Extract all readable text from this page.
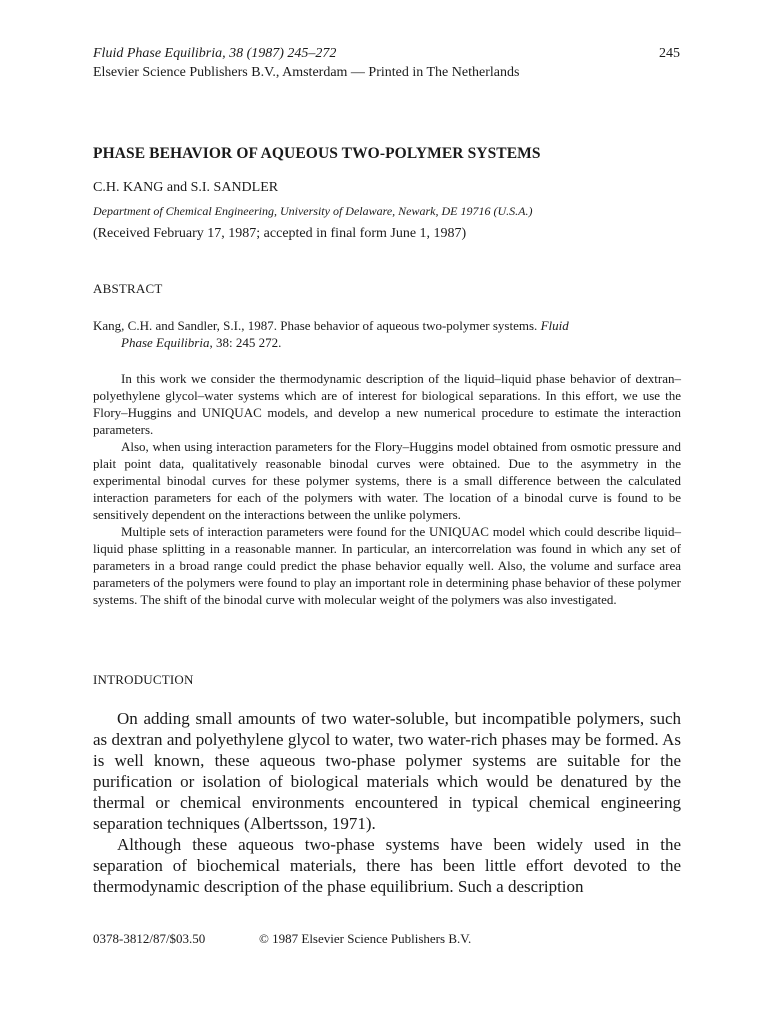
Fluid Phase Equilibria, 38 (1987) 245–272
Elsevier Science Publishers B.V., Amsterdam — Printed in The Netherlands
245
PHASE BEHAVIOR OF AQUEOUS TWO-POLYMER SYSTEMS
C.H. KANG and S.I. SANDLER
Department of Chemical Engineering, University of Delaware, Newark, DE 19716 (U.S.A.)
(Received February 17, 1987; accepted in final form June 1, 1987)
ABSTRACT
Kang, C.H. and Sandler, S.I., 1987. Phase behavior of aqueous two-polymer systems. Fluid
Phase Equilibria, 38: 245 272.

In this work we consider the thermodynamic description of the liquid–liquid phase behavior of dextran–polyethylene glycol–water systems which are of interest for biological separations. In this effort, we use the Flory–Huggins and UNIQUAC models, and develop a new numerical procedure to estimate the interaction parameters.

Also, when using interaction parameters for the Flory–Huggins model obtained from osmotic pressure and plait point data, qualitatively reasonable binodal curves were obtained. Due to the asymmetry in the experimental binodal curves for these polymer systems, there is a small difference between the calculated interaction parameters for each of the polymers with water. The location of a binodal curve is found to be sensitively dependent on the interactions between the unlike polymers.

Multiple sets of interaction parameters were found for the UNIQUAC model which could describe liquid–liquid phase splitting in a reasonable manner. In particular, an intercorrelation was found in which any set of parameters in a broad range could predict the phase behavior equally well. Also, the volume and surface area parameters of the polymers were found to play an important role in determining phase behavior of these polymer systems. The shift of the binodal curve with molecular weight of the polymers was also investigated.

INTRODUCTION

On adding small amounts of two water-soluble, but incompatible polymers, such as dextran and polyethylene glycol to water, two water-rich phases may be formed. As is well known, these aqueous two-phase polymer systems are suitable for the purification or isolation of biological materials which would be denatured by the thermal or chemical environments encountered in typical chemical engineering separation techniques (Albertsson, 1971).

Although these aqueous two-phase systems have been widely used in the separation of biochemical materials, there has been little effort devoted to the thermodynamic description of the phase equilibrium. Such a description

0378-3812/87/$03.50	© 1987 Elsevier Science Publishers B.V.
